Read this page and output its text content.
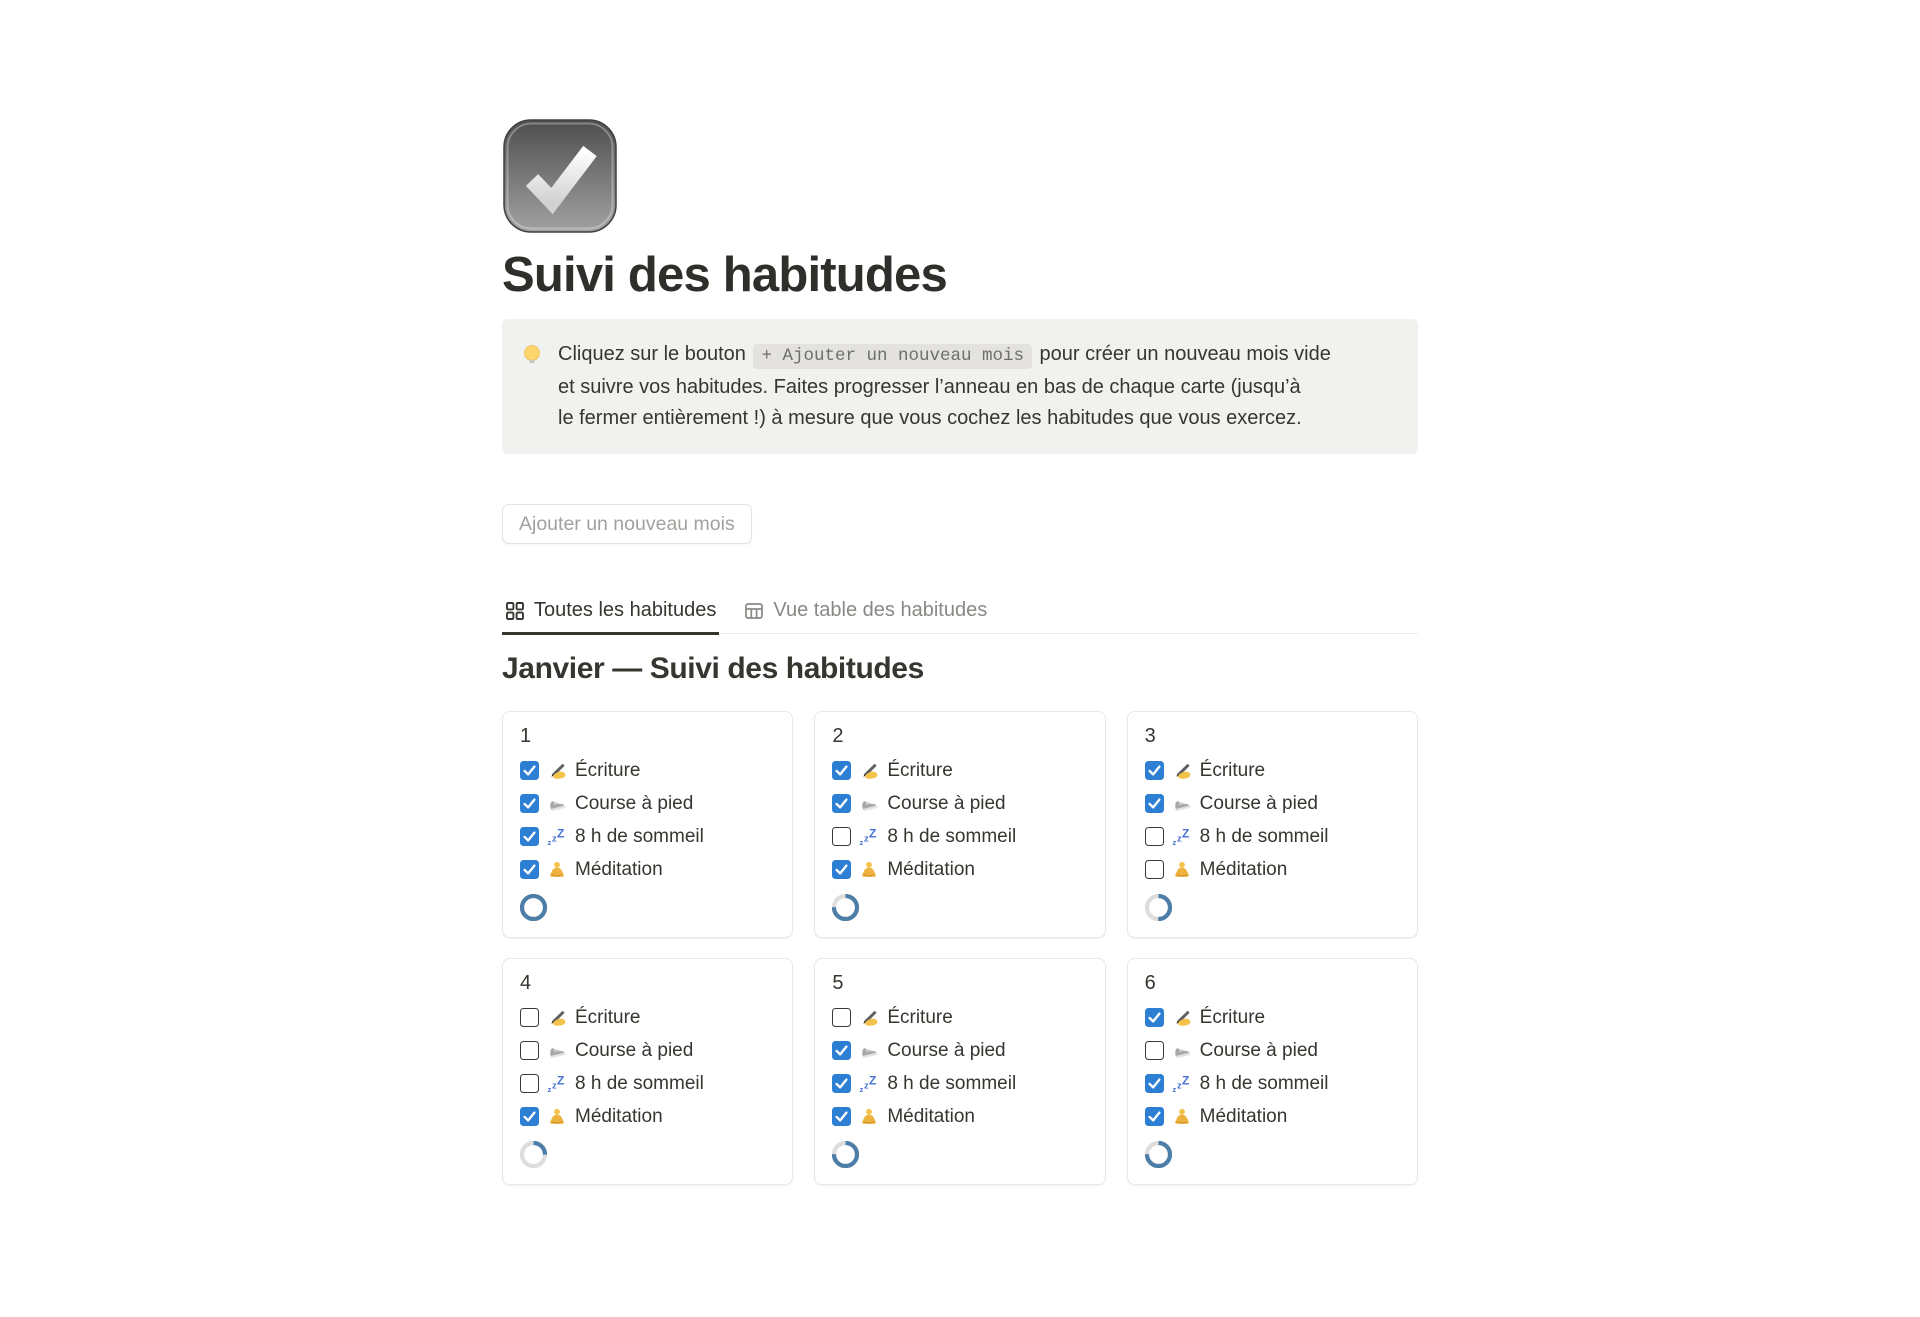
Suivi des habitudes
Cliquez sur le bouton + Ajouter un nouveau mois pour créer un nouveau mois vide
et suivre vos habitudes. Faites progresser l’anneau en bas de chaque carte (jusqu’à
le fermer entièrement !) à mesure que vous cochez les habitudes que vous exercez.
Ajouter un nouveau mois
Toutes les habitudes	Vue table des habitudes
Janvier — Suivi des habitudes
1
Écriture
Course à pied
z z Z 8 h de sommeil
Méditation
2
Écriture
Course à pied
z z Z 8 h de sommeil
Méditation
3
Écriture
Course à pied
z z Z 8 h de sommeil
Méditation
4
Écriture
Course à pied
z z Z 8 h de sommeil
Méditation
5
Écriture
Course à pied
z z Z 8 h de sommeil
Méditation
6
Écriture
Course à pied
z z Z 8 h de sommeil
Méditation
